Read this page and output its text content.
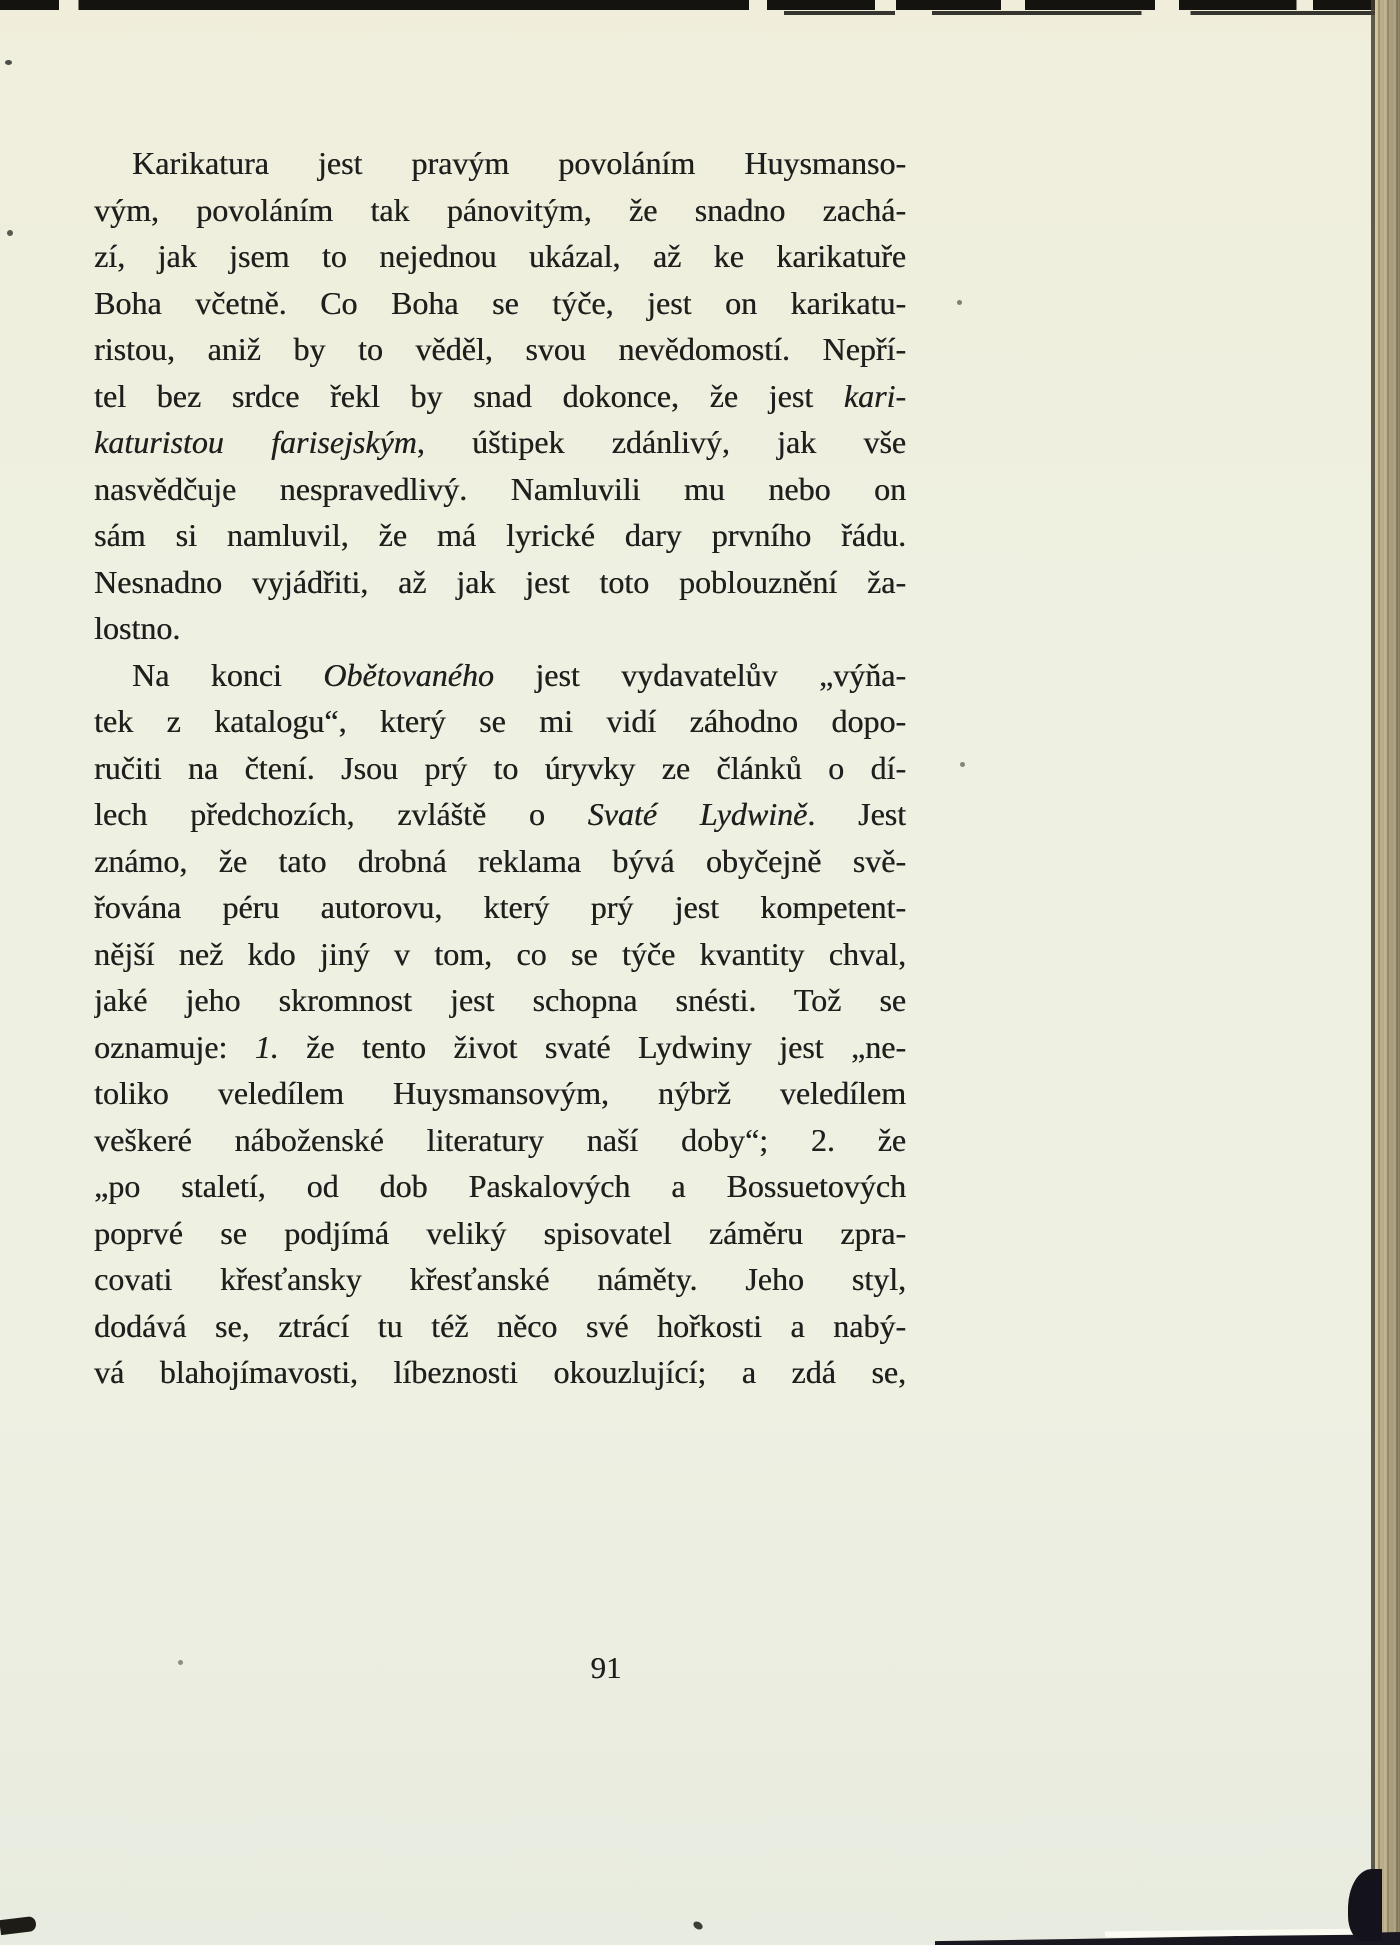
Karikatura jest pravým povoláním Huysmanso-
vým, povoláním tak pánovitým, že snadno zachá-
zí, jak jsem to nejednou ukázal, až ke karikatuře
Boha včetně. Co Boha se týče, jest on karikatu-
ristou, aniž by to věděl, svou nevědomostí. Nepří-
tel bez srdce řekl by snad dokonce, že jest kari-
katuristou farisejským, úštipek zdánlivý, jak vše
nasvědčuje nespravedlivý. Namluvili mu nebo on
sám si namluvil, že má lyrické dary prvního řádu.
Nesnadno vyjádřiti, až jak jest toto poblouznění ža-
lostno.
Na konci Obětovaného jest vydavatelův „výňa-
tek z katalogu“, který se mi vidí záhodno dopo-
ručiti na čtení. Jsou prý to úryvky ze článků o dí-
lech předchozích, zvláště o Svaté Lydwině. Jest
známo, že tato drobná reklama bývá obyčejně svě-
řována péru autorovu, který prý jest kompetent-
nější než kdo jiný v tom, co se týče kvantity chval,
jaké jeho skromnost jest schopna snésti. Tož se
oznamuje: 1. že tento život svaté Lydwiny jest „ne-
toliko veledílem Huysmansovým, nýbrž veledílem
veškeré náboženské literatury naší doby“; 2. že
„po staletí, od dob Paskalových a Bossuetových
poprvé se podjímá veliký spisovatel záměru zpra-
covati křesťansky křesťanské náměty. Jeho styl,
dodává se, ztrácí tu též něco své hořkosti a nabý-
vá blahojímavosti, líbeznosti okouzlující; a zdá se,
91
